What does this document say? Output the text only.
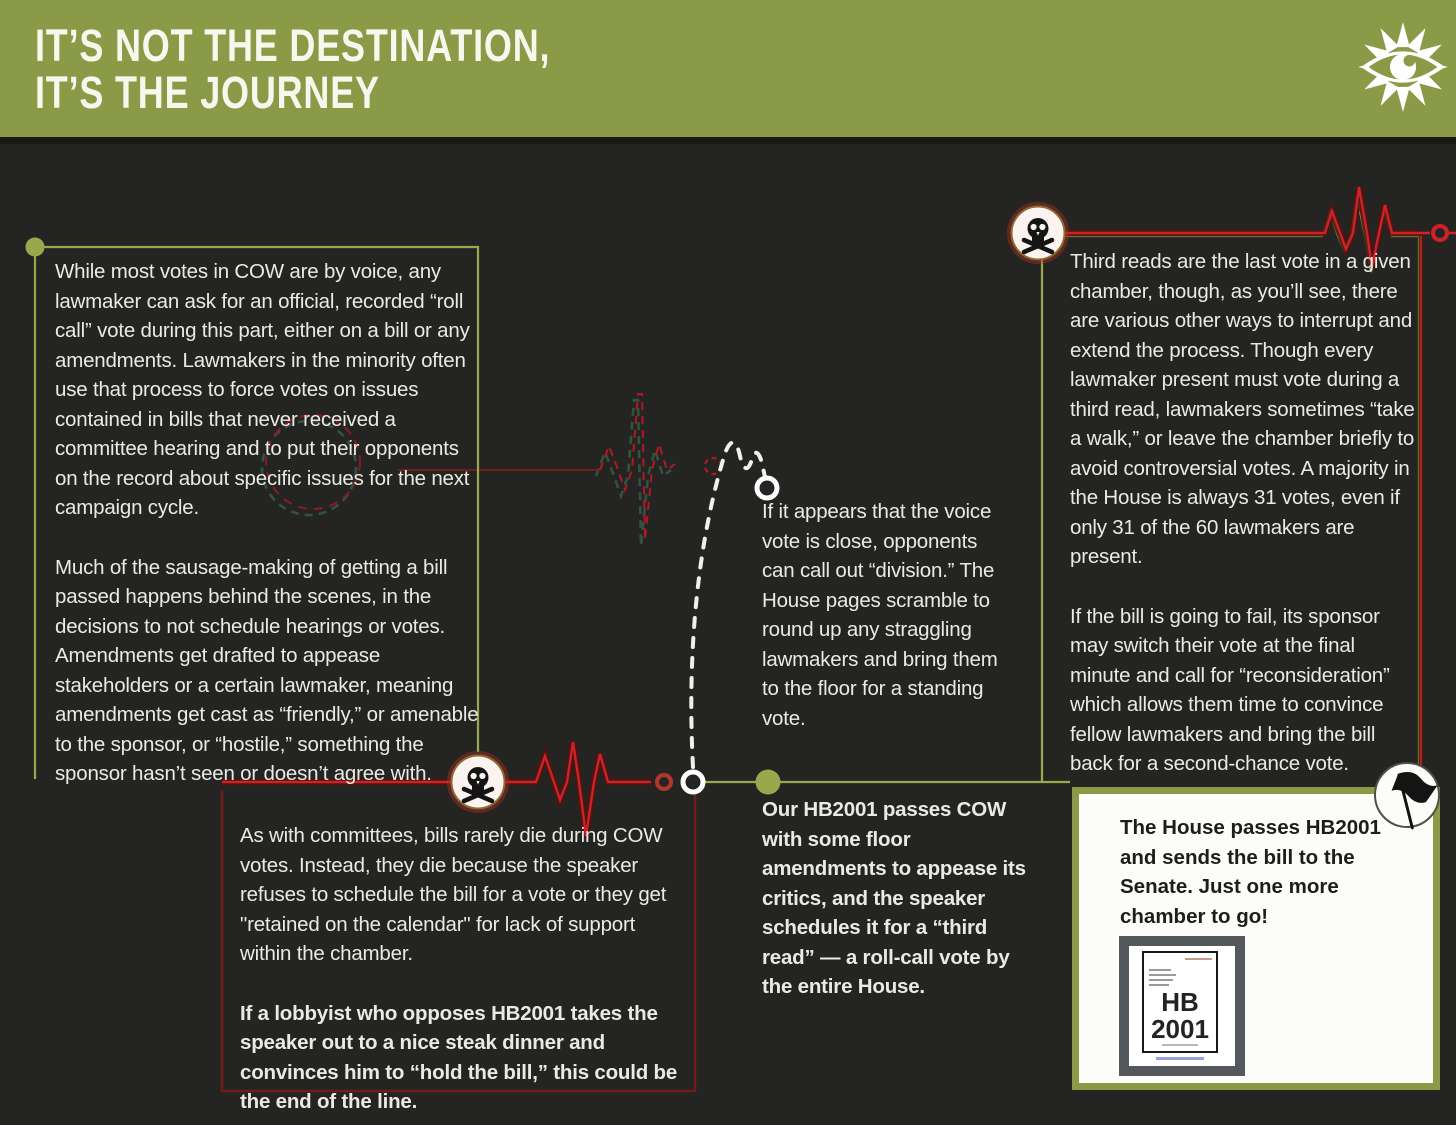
IT’S NOT THE DESTINATION,
IT’S THE JOURNEY

While most votes in COW are by voice, any lawmaker can ask for an official, recorded “roll call” vote during this part, either on a bill or any amendments. Lawmakers in the minority often use that process to force votes on issues contained in bills that never received a committee hearing and to put their opponents on the record about specific issues for the next campaign cycle.

Much of the sausage-making of getting a bill passed happens behind the scenes, in the decisions to not schedule hearings or votes. Amendments get drafted to appease stakeholders or a certain lawmaker, meaning amendments get cast as “friendly,” or amenable to the sponsor, or “hostile,” something the sponsor hasn’t seen or doesn’t agree with.

Third reads are the last vote in a given chamber, though, as you’ll see, there are various other ways to interrupt and extend the process. Though every lawmaker present must vote during a third read, lawmakers sometimes “take a walk,” or leave the chamber briefly to avoid controversial votes. A majority in the House is always 31 votes, even if only 31 of the 60 lawmakers are present.

If the bill is going to fail, its sponsor may switch their vote at the final minute and call for “reconsideration” which allows them time to convince fellow lawmakers and bring the bill back for a second-chance vote.

If it appears that the voice vote is close, opponents can call out “division.” The House pages scramble to round up any straggling lawmakers and bring them to the floor for a standing vote.

As with committees, bills rarely die during COW votes. Instead, they die because the speaker refuses to schedule the bill for a vote or they get "retained on the calendar" for lack of support within the chamber.

If a lobbyist who opposes HB2001 takes the speaker out to a nice steak dinner and convinces him to “hold the bill,” this could be the end of the line.

Our HB2001 passes COW with some floor amendments to appease its critics, and the speaker schedules it for a “third read” — a roll-call vote by the entire House.

The House passes HB2001 and sends the bill to the Senate. Just one more chamber to go!
HB
2001
